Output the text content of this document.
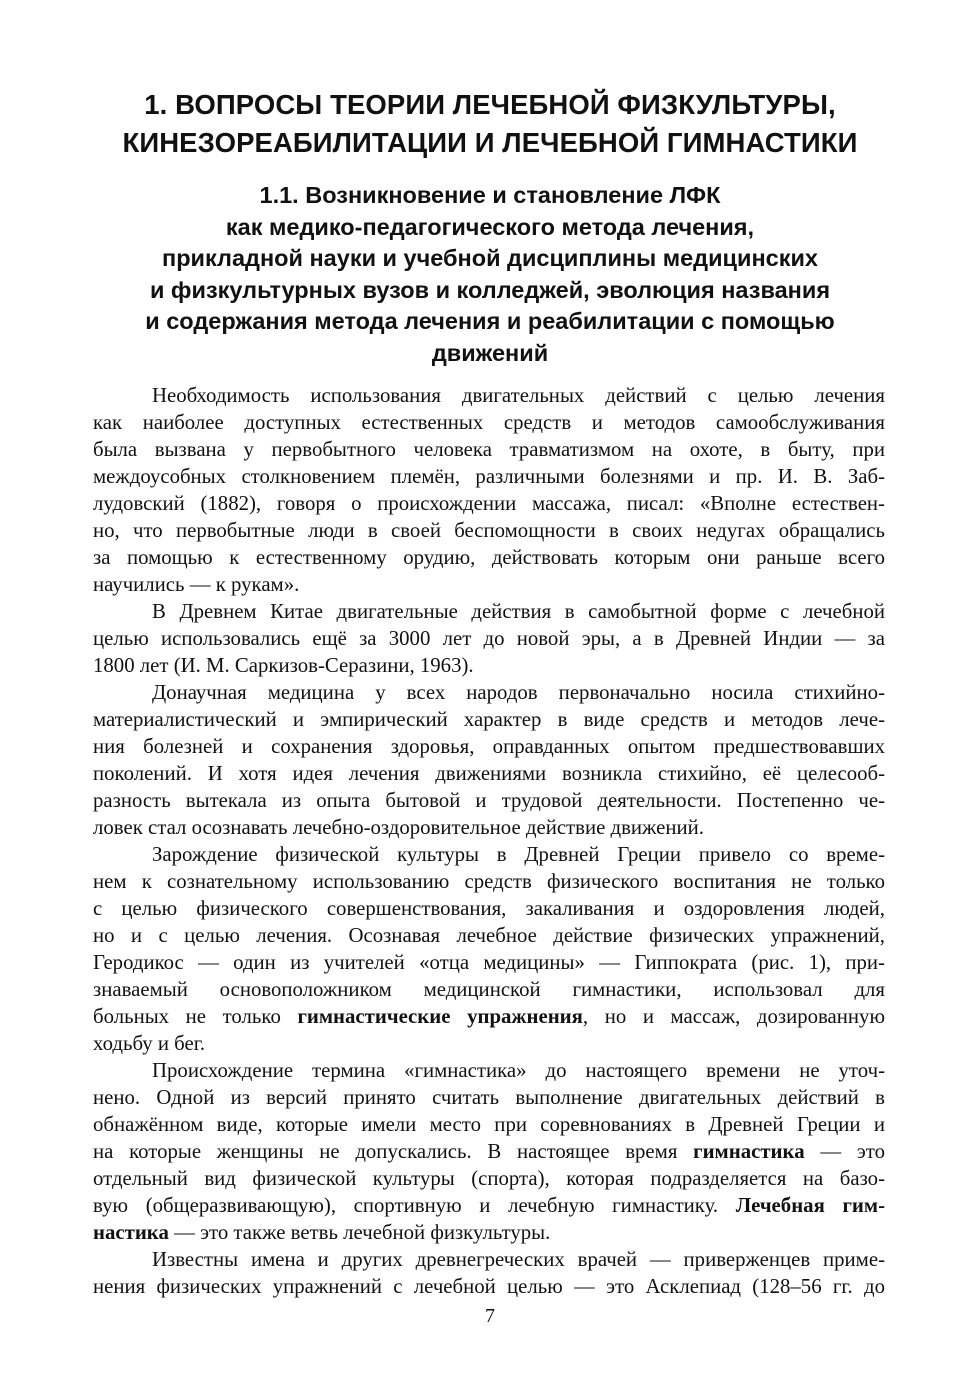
1. ВОПРОСЫ ТЕОРИИ ЛЕЧЕБНОЙ ФИЗКУЛЬТУРЫ,
КИНЕЗОРЕАБИЛИТАЦИИ И ЛЕЧЕБНОЙ ГИМНАСТИКИ
1.1. Возникновение и становление ЛФК
как медико-педагогического метода лечения,
прикладной науки и учебной дисциплины медицинских
и физкультурных вузов и колледжей, эволюция названия
и содержания метода лечения и реабилитации с помощью
движений
Необходимость использования двигательных действий с целью лечения
как наиболее доступных естественных средств и методов самообслуживания
была вызвана у первобытного человека травматизмом на охоте, в быту, при
междоусобных столкновением племён, различными болезнями и пр. И. В. Заб-
лудовский (1882), говоря о происхождении массажа, писал: «Вполне естествен-
но, что первобытные люди в своей беспомощности в своих недугах обращались
за помощью к естественному орудию, действовать которым они раньше всего
научились — к рукам».
В Древнем Китае двигательные действия в самобытной форме с лечебной
целью использовались ещё за 3000 лет до новой эры, а в Древней Индии — за
1800 лет (И. М. Саркизов-Серазини, 1963).
Донаучная медицина у всех народов первоначально носила стихийно-
материалистический и эмпирический характер в виде средств и методов лече-
ния болезней и сохранения здоровья, оправданных опытом предшествовавших
поколений. И хотя идея лечения движениями возникла стихийно, её целесооб-
разность вытекала из опыта бытовой и трудовой деятельности. Постепенно че-
ловек стал осознавать лечебно-оздоровительное действие движений.
Зарождение физической культуры в Древней Греции привело со време-
нем к сознательному использованию средств физического воспитания не только
с целью физического совершенствования, закаливания и оздоровления людей,
но и с целью лечения. Осознавая лечебное действие физических упражнений,
Геродикос — один из учителей «отца медицины» — Гиппократа (рис. 1), при-
знаваемый основоположником медицинской гимнастики, использовал для
больных не только гимнастические упражнения, но и массаж, дозированную
ходьбу и бег.
Происхождение термина «гимнастика» до настоящего времени не уточ-
нено. Одной из версий принято считать выполнение двигательных действий в
обнажённом виде, которые имели место при соревнованиях в Древней Греции и
на которые женщины не допускались. В настоящее время гимнастика — это
отдельный вид физической культуры (спорта), которая подразделяется на базо-
вую (общеразвивающую), спортивную и лечебную гимнастику. Лечебная гим-
настика — это также ветвь лечебной физкультуры.
Известны имена и других древнегреческих врачей — приверженцев приме-
нения физических упражнений с лечебной целью — это Асклепиад (128–56 гг. до
7
